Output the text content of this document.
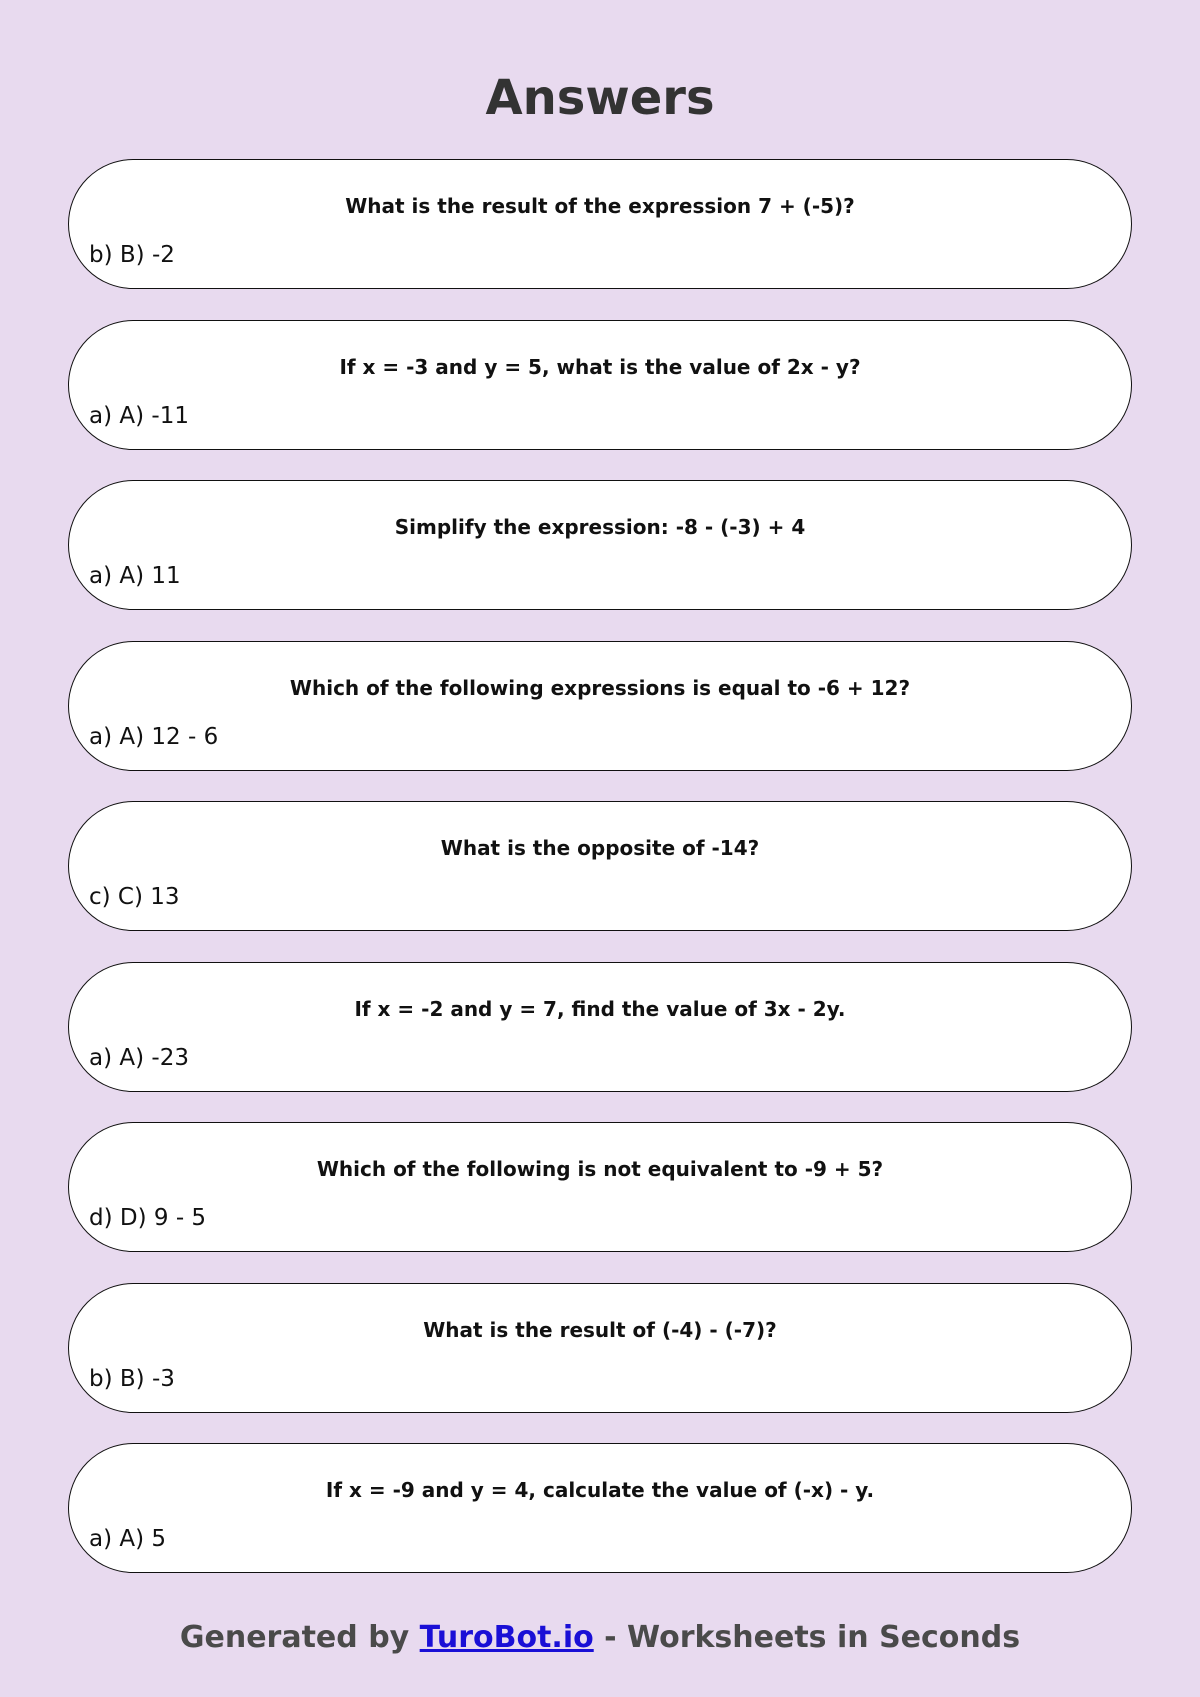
Answers
What is the result of the expression 7 + (-5)?
b) B) -2
If x = -3 and y = 5, what is the value of 2x - y?
a) A) -11
Simplify the expression: -8 - (-3) + 4
a) A) 11
Which of the following expressions is equal to -6 + 12?
a) A) 12 - 6
What is the opposite of -14?
c) C) 13
If x = -2 and y = 7, find the value of 3x - 2y.
a) A) -23
Which of the following is not equivalent to -9 + 5?
d) D) 9 - 5
What is the result of (-4) - (-7)?
b) B) -3
If x = -9 and y = 4, calculate the value of (-x) - y.
a) A) 5
Generated by TuroBot.io - Worksheets in Seconds
